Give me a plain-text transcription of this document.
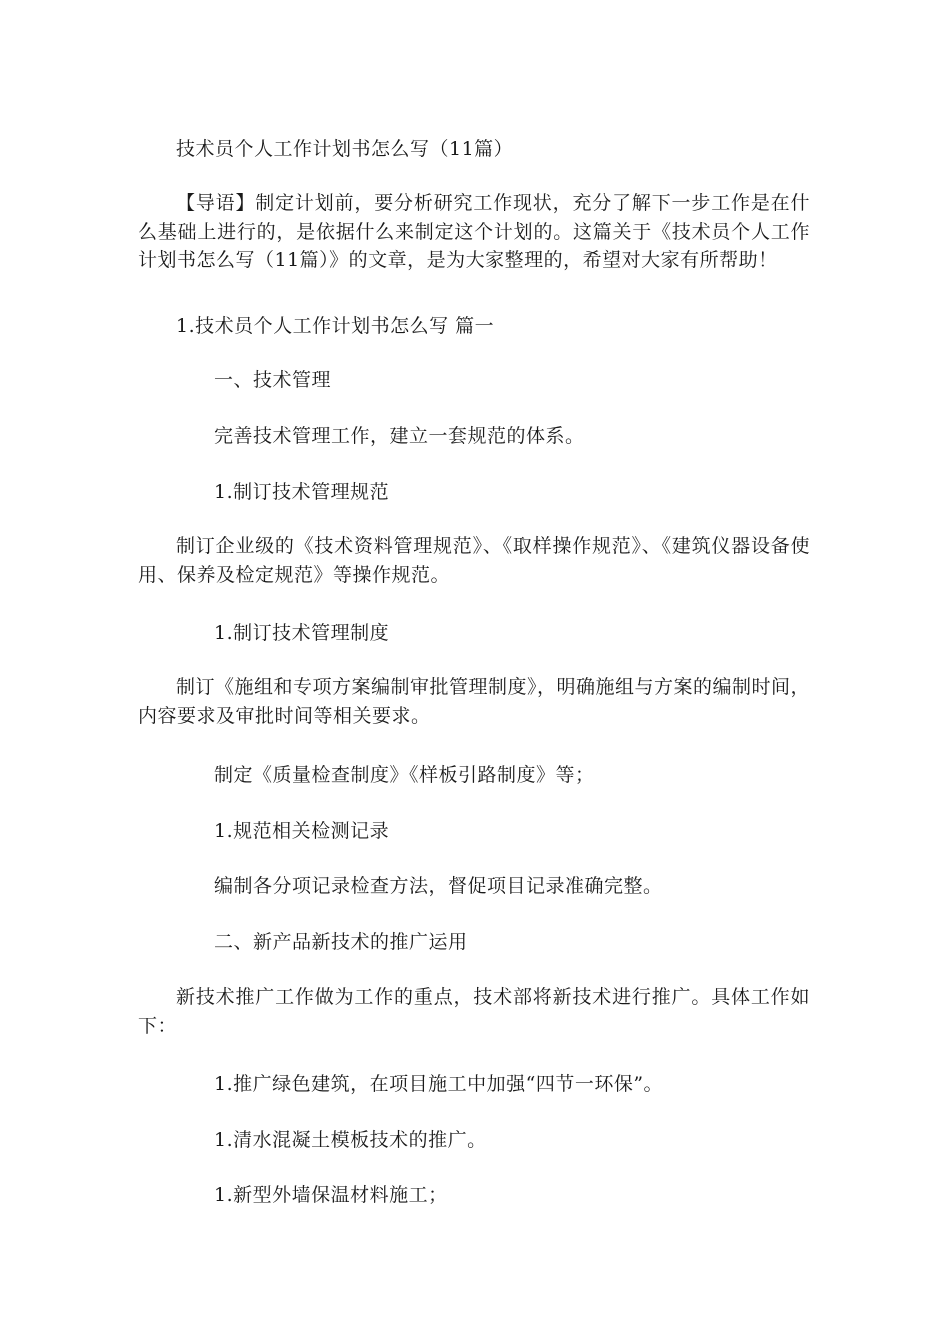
技术员个人工作计划书怎么写（11篇）
【导语】制定计划前，要分析研究工作现状，充分了解下一步工作是在什么基础上进行的，是依据什么来制定这个计划的。这篇关于《技术员个人工作计划书怎么写（11篇）》的文章，是为大家整理的，希望对大家有所帮助！
1.技术员个人工作计划书怎么写 篇一
一、技术管理
完善技术管理工作，建立一套规范的体系。
1.制订技术管理规范
制订企业级的《技术资料管理规范》、《取样操作规范》、《建筑仪器设备使用、保养及检定规范》等操作规范。
1.制订技术管理制度
制订《施组和专项方案编制审批管理制度》，明确施组与方案的编制时间，内容要求及审批时间等相关要求。
制定《质量检查制度》《样板引路制度》等；
1.规范相关检测记录
编制各分项记录检查方法，督促项目记录准确完整。
二、新产品新技术的推广运用
新技术推广工作做为工作的重点，技术部将新技术进行推广。具体工作如下：
1.推广绿色建筑，在项目施工中加强“四节一环保”。
1.清水混凝土模板技术的推广。
1.新型外墙保温材料施工；
